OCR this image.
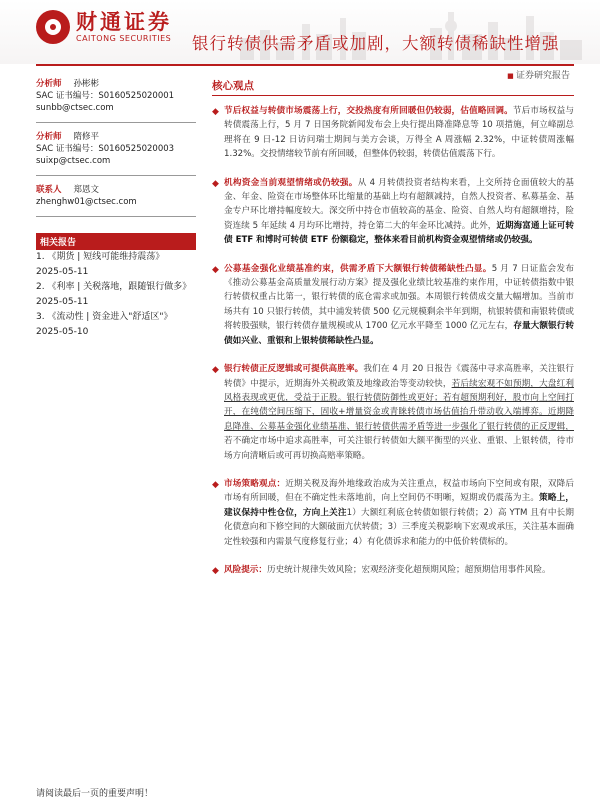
财通证券
CAITONG SECURITIES 银行转债供需矛盾或加剧，大额转债稀缺性增强
■ 证券研究报告
分析师 孙彬彬
SAC 证书编号：S0160525020001
sunbb@ctsec.com
分析师 隋修平
SAC 证书编号：S0160525020003
suixp@ctsec.com
联系人 郑恩文
zhenghw01@ctsec.com
相关报告
1. 《期货 | 短线可能维持震荡》
2025-05-11
2. 《利率 | 关税落地，跟随银行做多》
2025-05-11
3. 《流动性 | 资金进入"舒适区"》
2025-05-10
核心观点

◆ 节后权益与转债市场震荡上行，交投热度有所回暖但仍较弱，估值略回调。节后市场权益与转债震荡上行，5 月 7 日国务院新闻发布会上央行提出降准降息等 10 项措施，何立峰副总理将在 9 日-12 日访问瑞士期间与美方会谈，万得全 A 周涨幅 2.32%，中证转债周涨幅 1.32%。交投情绪较节前有所回暖，但整体仍较弱，转债估值震荡下行。

◆ 机构资金当前观望情绪或仍较强。从 4 月转债投资者结构来看，上交所持仓面值较大的基金、年金、险资在市场整体环比缩量的基础上均有超额减持，自然人投资者、私募基金、基金专户环比增持幅度较大。深交所中持仓市值较高的基金、险资、自然人均有超额增持，险资连续 5 年延续 4 月均环比增持，持仓第二大的年金环比减持。此外，近期海富通上证可转债 ETF 和博时可转债 ETF 份额稳定，整体来看目前机构资金观望情绪或仍较强。

◆ 公募基金强化业绩基准约束，供需矛盾下大额银行转债稀缺性凸显。5 月 7 日证监会发布《推动公募基金高质量发展行动方案》提及强化业绩比较基准约束作用，中证转债指数中银行转债权重占比第一，银行转债的底仓需求或加强。本周银行转债成交量大幅增加。当前市场共有 10 只银行转债，其中浦发转债 500 亿元规模剩余半年到期，杭银转债和南银转债或将转股强赎，银行转债存量规模或从 1700 亿元水平降至 1000 亿元左右，存量大额银行转债如兴业、重银和上银转债稀缺性凸显。

◆ 银行转债正反逻辑或可提供高胜率。我们在 4 月 20 日报告《震荡中寻求高胜率，关注银行转债》中提示，近期海外关税政策及地缘政治等变动较快，若后续宏观不如预期，大盘红利风格表现或更优，受益于正股。银行转债防御性或更好；若有超预期利好，股市向上空间打开，在纯债空间压缩下，固收+增量资金或青睐转债市场估值抬升带动收入端博弈。近期降息降准、公募基金强化业绩基准、银行转债供需矛盾等进一步强化了银行转债的正反逻辑，若不确定市场中追求高胜率，可关注银行转债如大额平衡型的兴业、重银、上银转债，待市场方向清晰后或可再切换高赔率策略。

◆ 市场策略观点：近期关税及海外地缘政治成为关注重点，权益市场向下空间或有限，双降后市场有所回暖，但在不确定性未落地前，向上空间仍不明晰，短期或仍震荡为主。策略上，建议保持中性仓位，方向上关注1）大额红利底仓转债如银行转债；2）高 YTM 且有中长期化债意向和下修空间的大额破面亢伏转债；3）三季度关税影响下宏观或承压，关注基本面确定性较强和内需景气度修复行业；4）有化债诉求和能力的中低价转债标的。

◆ 风险提示：历史统计规律失效风险；宏观经济变化超预期风险；超预期信用事件风险。

请阅读最后一页的重要声明！
